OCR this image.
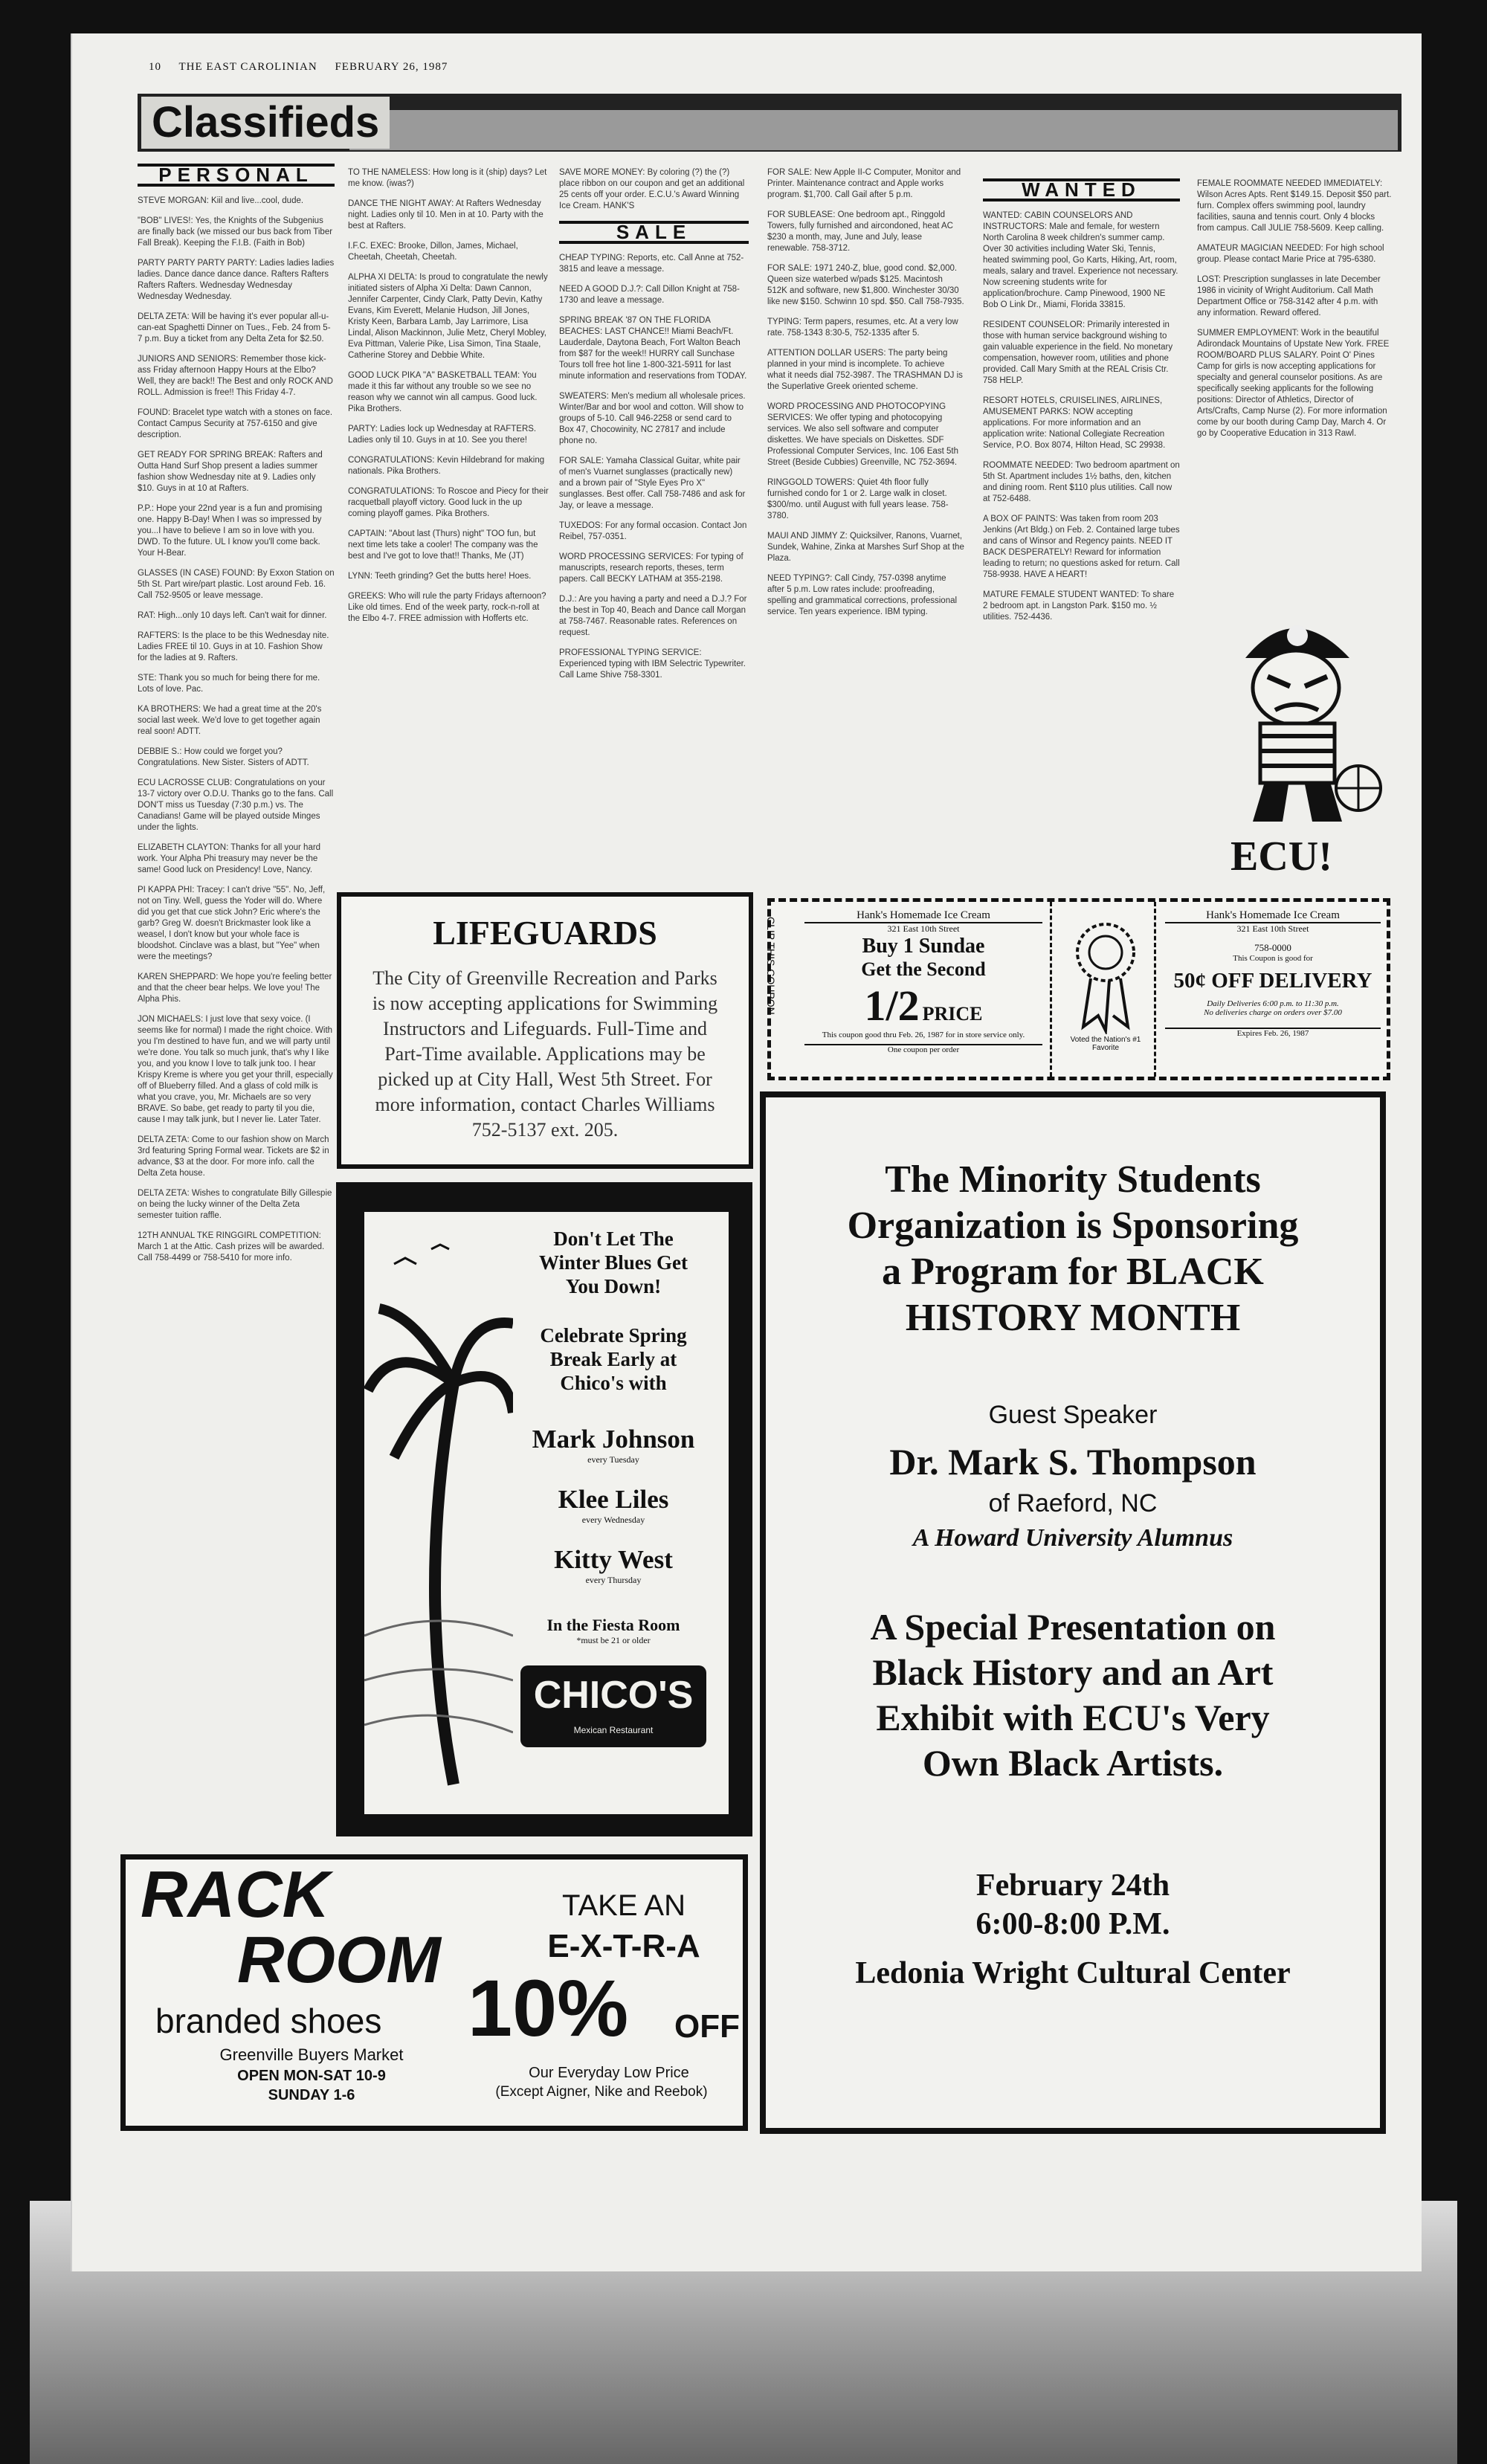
10 THE EAST CAROLINIAN FEBRUARY 26, 1987
Classifieds
PERSONAL

STEVE MORGAN: Kiil and live...cool, dude.

"BOB" LIVES!: Yes, the Knights of the Subgenius are finally back (we missed our bus back from Tiber Fall Break). Keeping the F.I.B. (Faith in Bob)

PARTY PARTY PARTY PARTY: Ladies ladies ladies ladies. Dance dance dance dance. Rafters Rafters Rafters Rafters. Wednesday Wednesday Wednesday Wednesday.

DELTA ZETA: Will be having it's ever popular all-u-can-eat Spaghetti Dinner on Tues., Feb. 24 from 5-7 p.m. Buy a ticket from any Delta Zeta for $2.50.

JUNIORS AND SENIORS: Remember those kick-ass Friday afternoon Happy Hours at the Elbo? Well, they are back!! The Best and only ROCK AND ROLL. Admission is free!! This Friday 4-7.

FOUND: Bracelet type watch with a stones on face. Contact Campus Security at 757-6150 and give description.

GET READY FOR SPRING BREAK: Rafters and Outta Hand Surf Shop present a ladies summer fashion show Wednesday nite at 9. Ladies only $10. Guys in at 10 at Rafters.

P.P.: Hope your 22nd year is a fun and promising one. Happy B-Day! When I was so impressed by you...I have to believe I am so in love with you. DWD. To the future. UL I know you'll come back. Your H-Bear.

GLASSES (IN CASE) FOUND: By Exxon Station on 5th St. Part wire/part plastic. Lost around Feb. 16. Call 752-9505 or leave message.

RAT: High...only 10 days left. Can't wait for dinner.

RAFTERS: Is the place to be this Wednesday nite. Ladies FREE til 10. Guys in at 10. Fashion Show for the ladies at 9. Rafters.

STE: Thank you so much for being there for me. Lots of love. Pac.

KA BROTHERS: We had a great time at the 20's social last week. We'd love to get together again real soon! ADTT.

DEBBIE S.: How could we forget you? Congratulations. New Sister. Sisters of ADTT.

ECU LACROSSE CLUB: Congratulations on your 13-7 victory over O.D.U. Thanks go to the fans. Call DON'T miss us Tuesday (7:30 p.m.) vs. The Canadians! Game will be played outside Minges under the lights.

ELIZABETH CLAYTON: Thanks for all your hard work. Your Alpha Phi treasury may never be the same! Good luck on Presidency! Love, Nancy.

PI KAPPA PHI: Tracey: I can't drive "55". No, Jeff, not on Tiny. Well, guess the Yoder will do. Where did you get that cue stick John? Eric where's the garb? Greg W. doesn't Brickmaster look like a weasel, I don't know but your whole face is bloodshot. Cinclave was a blast, but "Yee" when were the meetings?

KAREN SHEPPARD: We hope you're feeling better and that the cheer bear helps. We love you! The Alpha Phis.

JON MICHAELS: I just love that sexy voice. (I seems like for normal) I made the right choice. With you I'm destined to have fun, and we will party until we're done. You talk so much junk, that's why I like you, and you know I love to talk junk too. I hear Krispy Kreme is where you get your thrill, especially off of Blueberry filled. And a glass of cold milk is what you crave, you, Mr. Michaels are so very BRAVE. So babe, get ready to party til you die, cause I may talk junk, but I never lie. Later Tater.

DELTA ZETA: Come to our fashion show on March 3rd featuring Spring Formal wear. Tickets are $2 in advance, $3 at the door. For more info. call the Delta Zeta house.

DELTA ZETA: Wishes to congratulate Billy Gillespie on being the lucky winner of the Delta Zeta semester tuition raffle.

12TH ANNUAL TKE RINGGIRL COMPETITION: March 1 at the Attic. Cash prizes will be awarded. Call 758-4499 or 758-5410 for more info.

TO THE NAMELESS: How long is it (ship) days? Let me know. (iwas?)

DANCE THE NIGHT AWAY: At Rafters Wednesday night. Ladies only til 10. Men in at 10. Party with the best at Rafters.

I.F.C. EXEC: Brooke, Dillon, James, Michael, Cheetah, Cheetah, Cheetah.

ALPHA XI DELTA: Is proud to congratulate the newly initiated sisters of Alpha Xi Delta: Dawn Cannon, Jennifer Carpenter, Cindy Clark, Patty Devin, Kathy Evans, Kim Everett, Melanie Hudson, Jill Jones, Kristy Keen, Barbara Lamb, Jay Larrimore, Lisa Lindal, Alison Mackinnon, Julie Metz, Cheryl Mobley, Eva Pittman, Valerie Pike, Lisa Simon, Tina Staale, Catherine Storey and Debbie White.

GOOD LUCK PIKA "A" BASKETBALL TEAM: You made it this far without any trouble so we see no reason why we cannot win all campus. Good luck. Pika Brothers.

PARTY: Ladies lock up Wednesday at RAFTERS. Ladies only til 10. Guys in at 10. See you there!

CONGRATULATIONS: Kevin Hildebrand for making nationals. Pika Brothers.

CONGRATULATIONS: To Roscoe and Piecy for their racquetball playoff victory. Good luck in the up coming playoff games. Pika Brothers.

CAPTAIN: "About last (Thurs) night" TOO fun, but next time lets take a cooler! The company was the best and I've got to love that!! Thanks, Me (JT)

LYNN: Teeth grinding? Get the butts here! Hoes.

GREEKS: Who will rule the party Fridays afternoon? Like old times. End of the week party, rock-n-roll at the Elbo 4-7. FREE admission with Hofferts etc.

SAVE MORE MONEY: By coloring (?) the (?) place ribbon on our coupon and get an additional 25 cents off your order. E.C.U.'s Award Winning Ice Cream. HANK'S

SALE

CHEAP TYPING: Reports, etc. Call Anne at 752-3815 and leave a message.

NEED A GOOD D.J.?: Call Dillon Knight at 758-1730 and leave a message.

SPRING BREAK '87 ON THE FLORIDA BEACHES: LAST CHANCE!! Miami Beach/Ft. Lauderdale, Daytona Beach, Fort Walton Beach from $87 for the week!! HURRY call Sunchase Tours toll free hot line 1-800-321-5911 for last minute information and reservations from TODAY.

SWEATERS: Men's medium all wholesale prices. Winter/Bar and bor wool and cotton. Will show to groups of 5-10. Call 946-2258 or send card to Box 47, Chocowinity, NC 27817 and include phone no.

FOR SALE: Yamaha Classical Guitar, white pair of men's Vuarnet sunglasses (practically new) and a brown pair of "Style Eyes Pro X" sunglasses. Best offer. Call 758-7486 and ask for Jay, or leave a message.

TUXEDOS: For any formal occasion. Contact Jon Reibel, 757-0351.

WORD PROCESSING SERVICES: For typing of manuscripts, research reports, theses, term papers. Call BECKY LATHAM at 355-2198.

D.J.: Are you having a party and need a D.J.? For the best in Top 40, Beach and Dance call Morgan at 758-7467. Reasonable rates. References on request.

PROFESSIONAL TYPING SERVICE: Experienced typing with IBM Selectric Typewriter. Call Lame Shive 758-3301.

FOR SALE: New Apple II-C Computer, Monitor and Printer. Maintenance contract and Apple works program. $1,700. Call Gail after 5 p.m.

FOR SUBLEASE: One bedroom apt., Ringgold Towers, fully furnished and aircondoned, heat AC $230 a month, may, June and July, lease renewable. 758-3712.

FOR SALE: 1971 240-Z, blue, good cond. $2,000. Queen size waterbed w/pads $125. Macintosh 512K and software, new $1,800. Winchester 30/30 like new $150. Schwinn 10 spd. $50. Call 758-7935.

TYPING: Term papers, resumes, etc. At a very low rate. 758-1343 8:30-5, 752-1335 after 5.

ATTENTION DOLLAR USERS: The party being planned in your mind is incomplete. To achieve what it needs dial 752-3987. The TRASHMAN DJ is the Superlative Greek oriented scheme.

WORD PROCESSING AND PHOTOCOPYING SERVICES: We offer typing and photocopying services. We also sell software and computer diskettes. We have specials on Diskettes. SDF Professional Computer Services, Inc. 106 East 5th Street (Beside Cubbies) Greenville, NC 752-3694.

RINGGOLD TOWERS: Quiet 4th floor fully furnished condo for 1 or 2. Large walk in closet. $300/mo. until August with full years lease. 758-3780.

MAUI AND JIMMY Z: Quicksilver, Ranons, Vuarnet, Sundek, Wahine, Zinka at Marshes Surf Shop at the Plaza.

NEED TYPING?: Call Cindy, 757-0398 anytime after 5 p.m. Low rates include: proofreading, spelling and grammatical corrections, professional service. Ten years experience. IBM typing.

WANTED

WANTED: CABIN COUNSELORS AND INSTRUCTORS: Male and female, for western North Carolina 8 week children's summer camp. Over 30 activities including Water Ski, Tennis, heated swimming pool, Go Karts, Hiking, Art, room, meals, salary and travel. Experience not necessary. Now screening students write for application/brochure. Camp Pinewood, 1900 NE Bob O Link Dr., Miami, Florida 33815.

RESIDENT COUNSELOR: Primarily interested in those with human service background wishing to gain valuable experience in the field. No monetary compensation, however room, utilities and phone provided. Call Mary Smith at the REAL Crisis Ctr. 758 HELP.

RESORT HOTELS, CRUISELINES, AIRLINES, AMUSEMENT PARKS: NOW accepting applications. For more information and an application write: National Collegiate Recreation Service, P.O. Box 8074, Hilton Head, SC 29938.

ROOMMATE NEEDED: Two bedroom apartment on 5th St. Apartment includes 1½ baths, den, kitchen and dining room. Rent $110 plus utilities. Call now at 752-6488.

A BOX OF PAINTS: Was taken from room 203 Jenkins (Art Bldg.) on Feb. 2. Contained large tubes and cans of Winsor and Regency paints. NEED IT BACK DESPERATELY! Reward for information leading to return; no questions asked for return. Call 758-9938. HAVE A HEART!

MATURE FEMALE STUDENT WANTED: To share 2 bedroom apt. in Langston Park. $150 mo. ½ utilities. 752-4436.

FEMALE ROOMMATE NEEDED IMMEDIATELY: Wilson Acres Apts. Rent $149.15. Deposit $50 part. furn. Complex offers swimming pool, laundry facilities, sauna and tennis court. Only 4 blocks from campus. Call JULIE 758-5609. Keep calling.

AMATEUR MAGICIAN NEEDED: For high school group. Please contact Marie Price at 795-6380.

LOST: Prescription sunglasses in late December 1986 in vicinity of Wright Auditorium. Call Math Department Office or 758-3142 after 4 p.m. with any information. Reward offered.

SUMMER EMPLOYMENT: Work in the beautiful Adirondack Mountains of Upstate New York. FREE ROOM/BOARD PLUS SALARY. Point O' Pines Camp for girls is now accepting applications for specialty and general counselor positions. As are specifically seeking applicants for the following positions: Director of Athletics, Director of Arts/Crafts, Camp Nurse (2). For more information come by our booth during Camp Day, March 4. Or go by Cooperative Education in 313 Rawl.

ECU!
LIFEGUARDS

The City of Greenville Recreation and Parks is now accepting applications for Swimming Instructors and Lifeguards. Full-Time and Part-Time available. Applications may be picked up at City Hall, West 5th Street. For more information, contact Charles Williams 752-5137 ext. 205.

CLIP THIS COUPON
Hank's Homemade Ice Cream
321 East 10th Street
Buy 1 Sundae
Get the Second
1/2 PRICE
This coupon good thru Feb. 26, 1987 for in store service only.
One coupon per order
Voted the Nation's #1 Favorite
Hank's Homemade Ice Cream
321 East 10th Street
758-0000
This Coupon is good for
50¢ OFF DELIVERY
Daily Deliveries 6:00 p.m. to 11:30 p.m.
No deliveries charge on orders over $7.00
Expires Feb. 26, 1987
Don't Let The
Winter Blues Get
You Down!
Celebrate Spring
Break Early at
Chico's with
Mark Johnson
every Tuesday
Klee Liles
every Wednesday
Kitty West
every Thursday
In the Fiesta Room
*must be 21 or older
CHICO'S
Mexican Restaurant
The Minority Students
Organization is Sponsoring
a Program for BLACK
HISTORY MONTH
Guest Speaker
Dr. Mark S. Thompson
of Raeford, NC
A Howard University Alumnus
A Special Presentation on
Black History and an Art
Exhibit with ECU's Very
Own Black Artists.
February 24th
6:00-8:00 P.M.
Ledonia Wright Cultural Center
RACK
ROOM
branded shoes
Greenville Buyers Market
OPEN MON-SAT 10-9
SUNDAY 1-6
TAKE AN
E-X-T-R-A
10% OFF
Our Everyday Low Price
(Except Aigner, Nike and Reebok)
